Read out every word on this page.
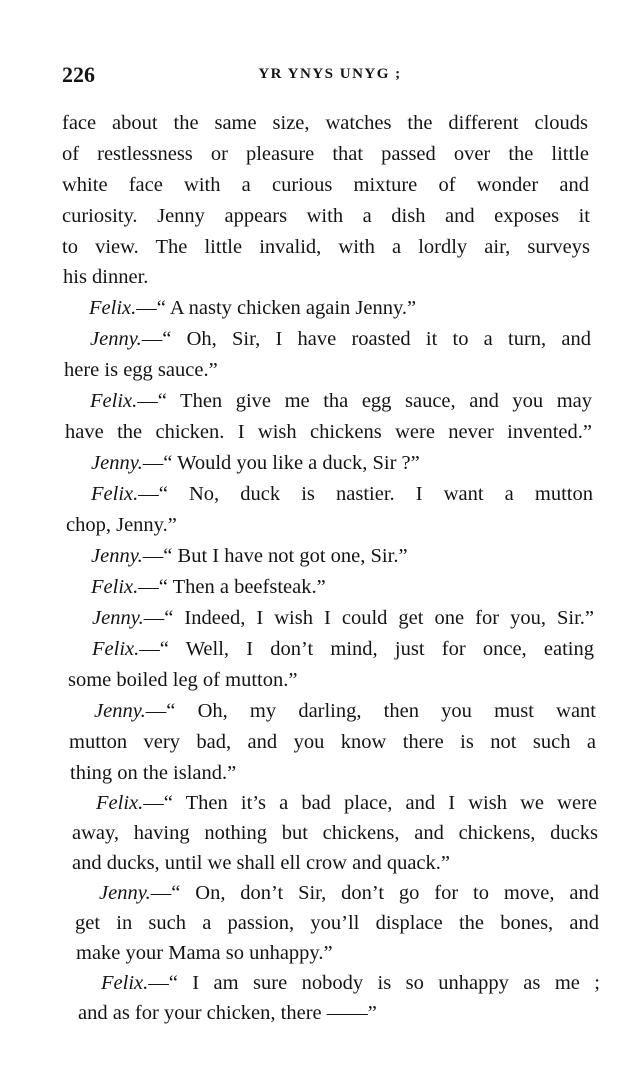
226	YR YNYS UNYG ;
face about the same size, watches the different clouds
of restlessness or pleasure that passed over the little
white face with a curious mixture of wonder and
curiosity. Jenny appears with a dish and exposes it
to view. The little invalid, with a lordly air, surveys
his dinner.
Felix.—“ A nasty chicken again Jenny.”
Jenny.—“ Oh, Sir, I have roasted it to a turn, and
here is egg sauce.”
Felix.—“ Then give me tha egg sauce, and you may
have the chicken. I wish chickens were never invented.”
Jenny.—“ Would you like a duck, Sir ?”
Felix.—“ No, duck is nastier. I want a mutton
chop, Jenny.”
Jenny.—“ But I have not got one, Sir.”
Felix.—“ Then a beefsteak.”
Jenny.—“ Indeed, I wish I could get one for you, Sir.”
Felix.—“ Well, I don’t mind, just for once, eating
some boiled leg of mutton.”
Jenny.—“ Oh, my darling, then you must want
mutton very bad, and you know there is not such a
thing on the island.”
Felix.—“ Then it’s a bad place, and I wish we were
away, having nothing but chickens, and chickens, ducks
and ducks, until we shall ell crow and quack.”
Jenny.—“ On, don’t Sir, don’t go for to move, and
get in such a passion, you’ll displace the bones, and
make your Mama so unhappy.”
Felix.—“ I am sure nobody is so unhappy as me ;
and as for your chicken, there ——”
